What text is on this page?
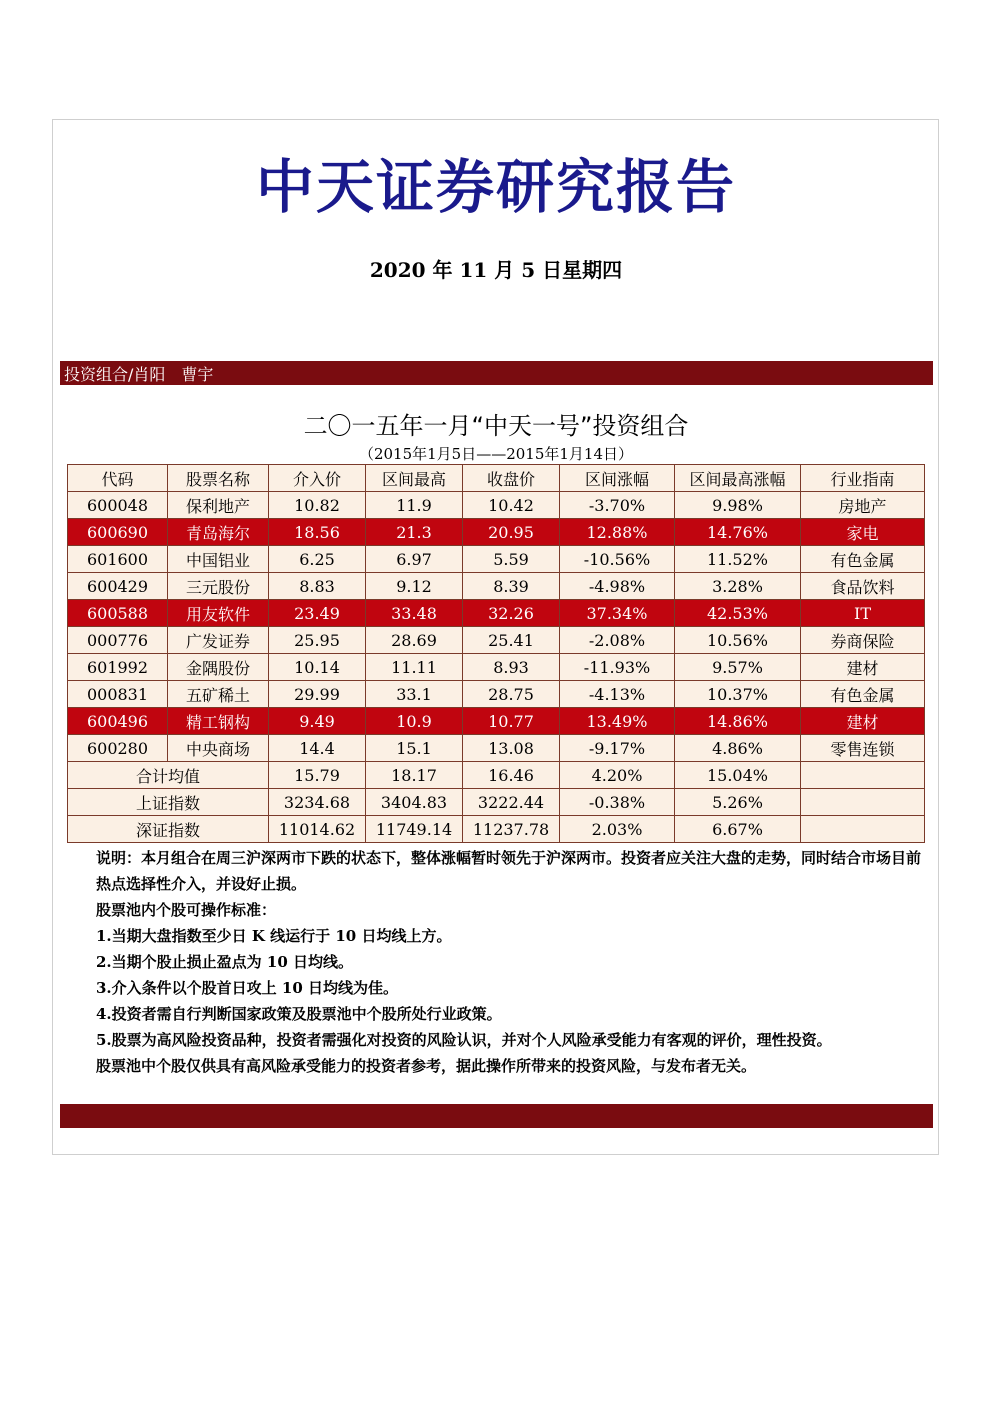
中天证券研究报告
2020 年 11 月 5 日星期四
投资组合/肖阳　曹宇
二〇一五年一月“中天一号”投资组合
（2015年1月5日——2015年1月14日）
代码	股票名称	介入价	区间最高	收盘价	区间涨幅	区间最高涨幅	行业指南
600048	保利地产	10.82	11.9	10.42	-3.70%	9.98%	房地产
600690	青岛海尔	18.56	21.3	20.95	12.88%	14.76%	家电
601600	中国铝业	6.25	6.97	5.59	-10.56%	11.52%	有色金属
600429	三元股份	8.83	9.12	8.39	-4.98%	3.28%	食品饮料
600588	用友软件	23.49	33.48	32.26	37.34%	42.53%	IT
000776	广发证券	25.95	28.69	25.41	-2.08%	10.56%	券商保险
601992	金隅股份	10.14	11.11	8.93	-11.93%	9.57%	建材
000831	五矿稀土	29.99	33.1	28.75	-4.13%	10.37%	有色金属
600496	精工钢构	9.49	10.9	10.77	13.49%	14.86%	建材
600280	中央商场	14.4	15.1	13.08	-9.17%	4.86%	零售连锁
合计均值		15.79	18.17	16.46	4.20%	15.04%	
上证指数		3234.68	3404.83	3222.44	-0.38%	5.26%	
深证指数		11014.62	11749.14	11237.78	2.03%	6.67%	

说明：本月组合在周三沪深两市下跌的状态下，整体涨幅暂时领先于沪深两市。投资者应关注大盘的走势，同时结合市场目前热点选择性介入，并设好止损。

股票池内个股可操作标准：

1.当期大盘指数至少日 K 线运行于 10 日均线上方。

2.当期个股止损止盈点为 10 日均线。

3.介入条件以个股首日攻上 10 日均线为佳。

4.投资者需自行判断国家政策及股票池中个股所处行业政策。

5.股票为高风险投资品种，投资者需强化对投资的风险认识，并对个人风险承受能力有客观的评价，理性投资。

股票池中个股仅供具有高风险承受能力的投资者参考，据此操作所带来的投资风险，与发布者无关。
